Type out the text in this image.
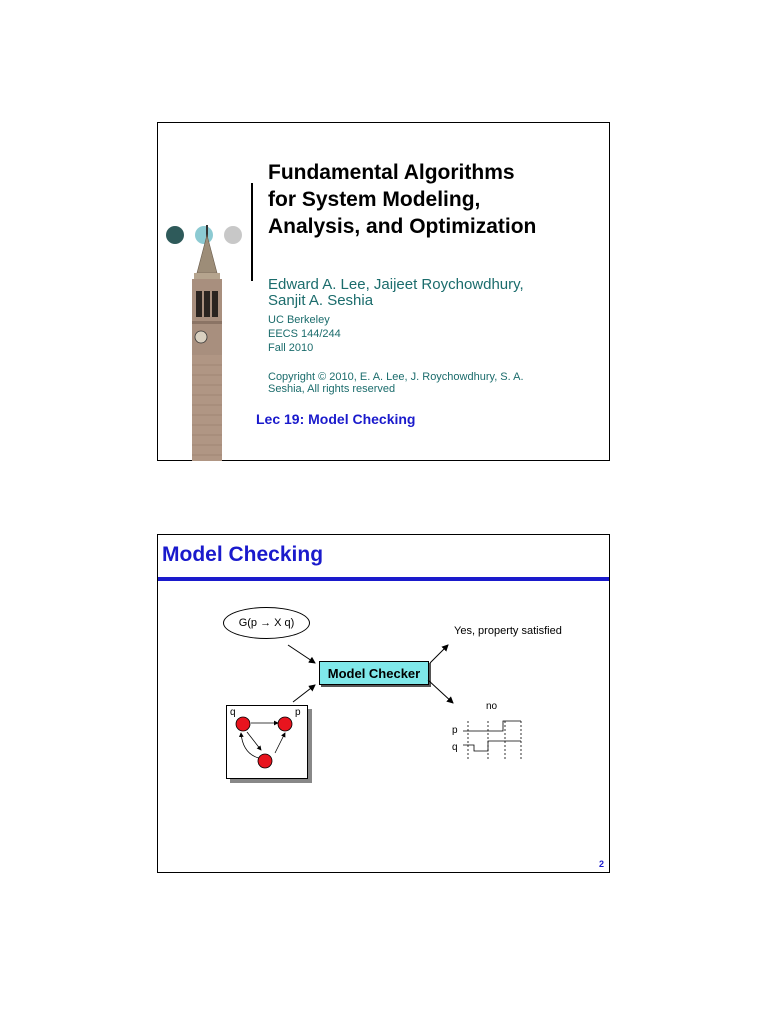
Fundamental Algorithms
for System Modeling,
Analysis, and Optimization
Edward A. Lee, Jaijeet Roychowdhury,
Sanjit A. Seshia
UC Berkeley
EECS 144/244
Fall 2010
Copyright © 2010, E. A. Lee, J. Roychowdhury, S. A.
Seshia, All rights reserved
Lec 19: Model Checking
Model Checking
G(p → X q)
Model Checker
Yes, property satisfied
no
q	p
p
q
2
